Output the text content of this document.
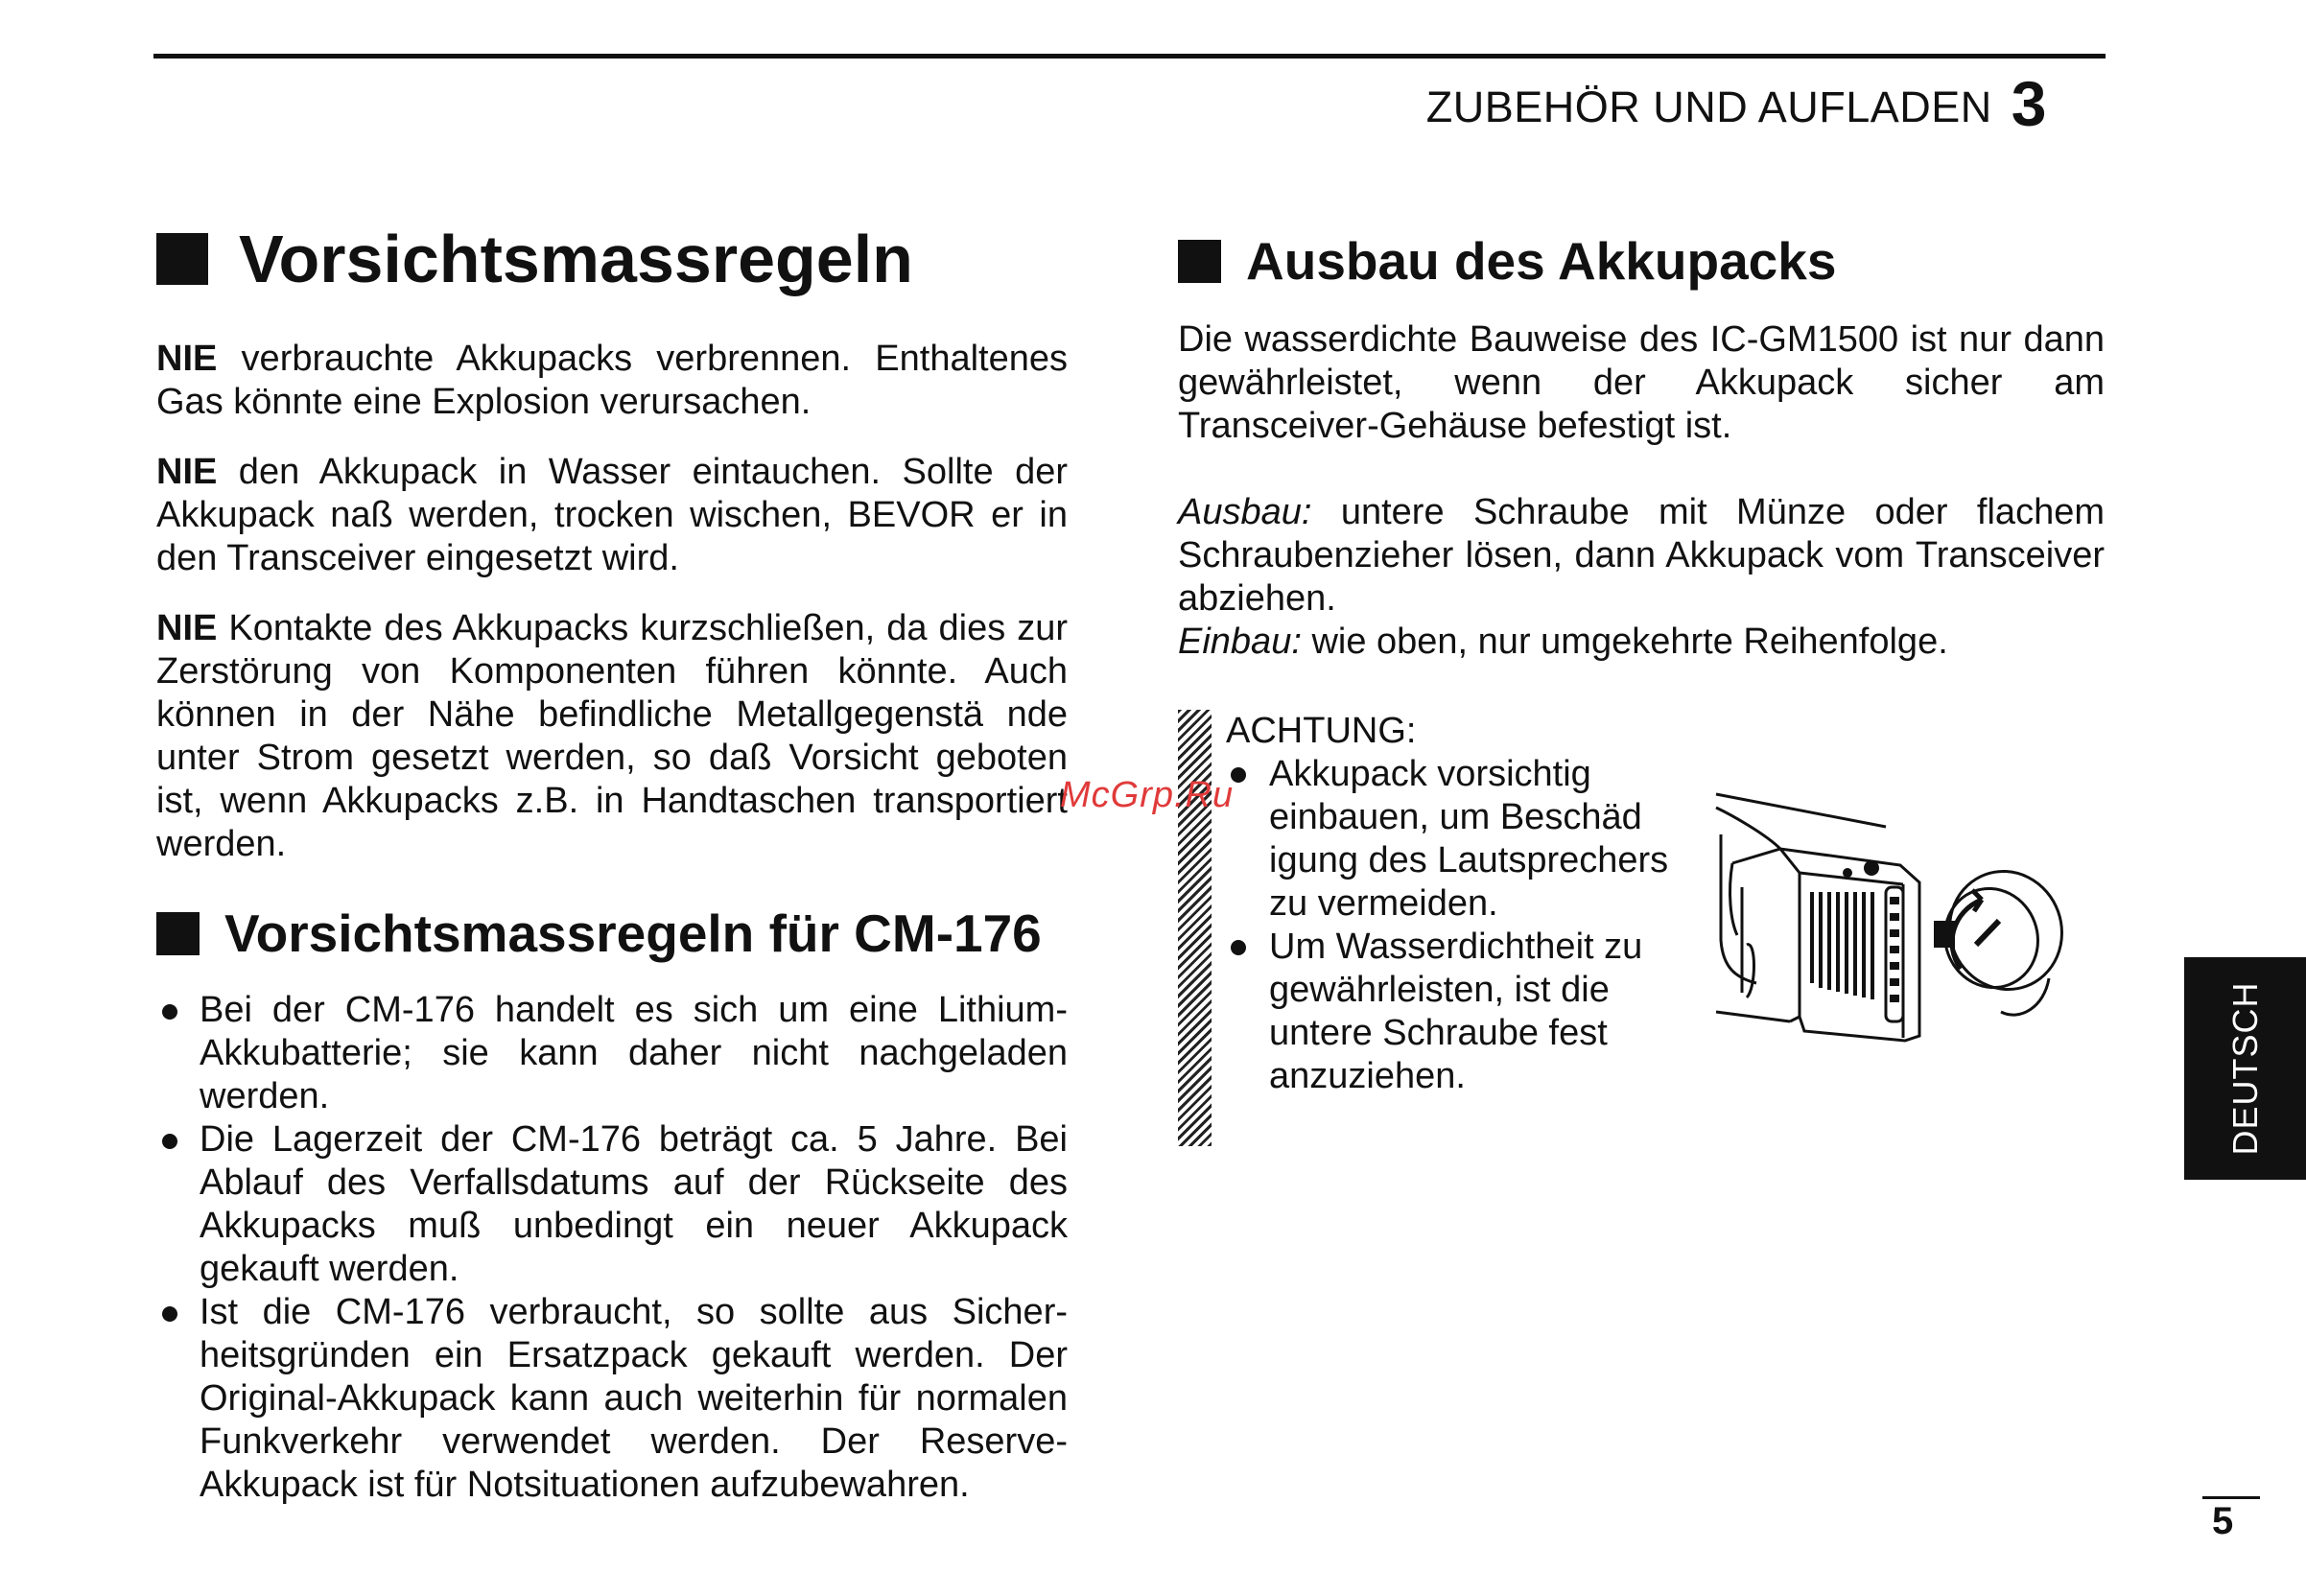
ZUBEHÖR UND AUFLADEN 3
Vorsichtsmassregeln

NIE verbrauchte Akkupacks verbrennen. Enthaltenes Gas könnte eine Explosion verursachen.

NIE den Akkupack in Wasser eintauchen. Sollte der Akkupack naß werden, trocken wischen, BEVOR er in den Transceiver eingesetzt wird.

NIE Kontakte des Akkupacks kurzschließen, da dies zur Zerstörung von Komponenten führen könnte. Auch können in der Nähe befindliche Metallgegenstä nde unter Strom gesetzt werden, so daß Vorsicht geboten ist, wenn Akkupacks z.B. in Handtaschen transportiert werden.

Vorsichtsmassregeln für CM-176
Bei der CM-176 handelt es sich um eine Lithium-Akkubatterie; sie kann daher nicht nachgeladen werden.
Die Lagerzeit der CM-176 beträgt ca. 5 Jahre. Bei Ablauf des Verfallsdatums auf der Rückseite des Akkupacks muß unbedingt ein neuer Akkupack gekauft werden.
Ist die CM-176 verbraucht, so sollte aus Sicher-heitsgründen ein Ersatzpack gekauft werden. Der Original-Akkupack kann auch weiterhin für normalen Funkverkehr verwendet werden. Der Reserve-Akkupack ist für Notsituationen aufzubewahren.
Ausbau des Akkupacks

Die wasserdichte Bauweise des IC-GM1500 ist nur dann gewährleistet, wenn der Akkupack sicher am Transceiver-Gehäuse befestigt ist.

Ausbau: untere Schraube mit Münze oder flachem Schraubenzieher lösen, dann Akkupack vom Transceiver abziehen.

Einbau: wie oben, nur umgekehrte Reihenfolge.

ACHTUNG:
Akkupack vorsichtig einbauen, um Beschäd igung des Lautsprechers zu vermeiden.
Um Wasserdichtheit zu gewährleisten, ist die untere Schraube fest anzuziehen.
McGrp.Ru
DEUTSCH
5
